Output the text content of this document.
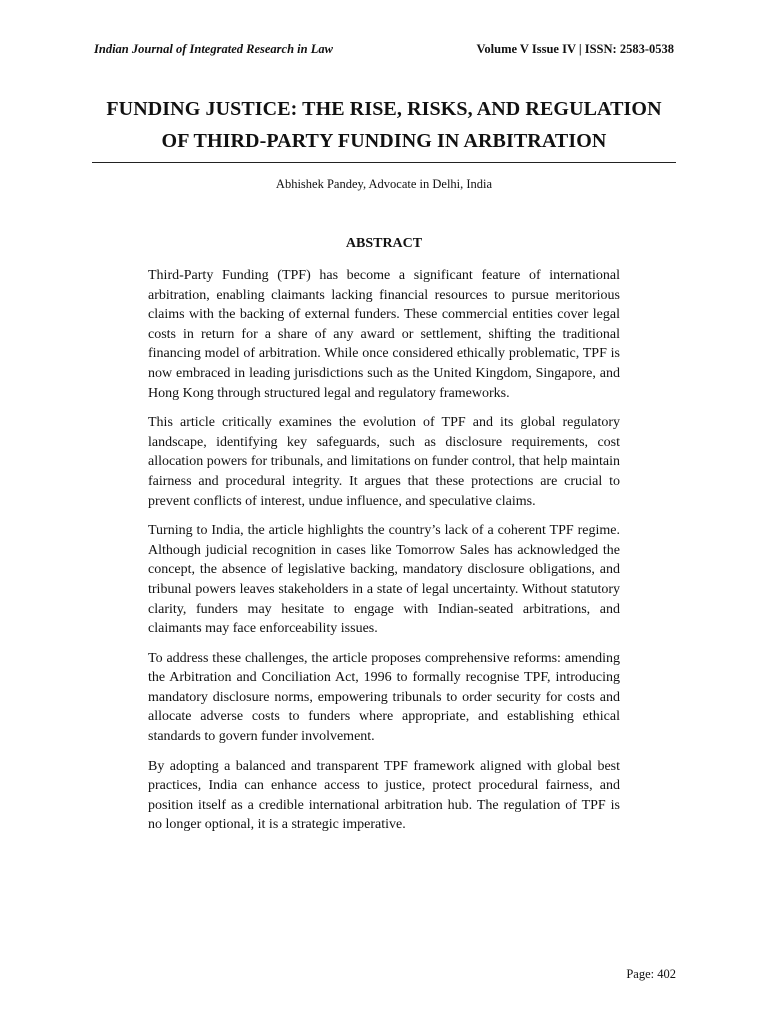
Indian Journal of Integrated Research in Law	Volume V Issue IV | ISSN: 2583-0538
FUNDING JUSTICE: THE RISE, RISKS, AND REGULATION
OF THIRD-PARTY FUNDING IN ARBITRATION
Abhishek Pandey, Advocate in Delhi, India
ABSTRACT

Third-Party Funding (TPF) has become a significant feature of international arbitration, enabling claimants lacking financial resources to pursue meritorious claims with the backing of external funders. These commercial entities cover legal costs in return for a share of any award or settlement, shifting the traditional financing model of arbitration. While once considered ethically problematic, TPF is now embraced in leading jurisdictions such as the United Kingdom, Singapore, and Hong Kong through structured legal and regulatory frameworks.

This article critically examines the evolution of TPF and its global regulatory landscape, identifying key safeguards, such as disclosure requirements, cost allocation powers for tribunals, and limitations on funder control, that help maintain fairness and procedural integrity. It argues that these protections are crucial to prevent conflicts of interest, undue influence, and speculative claims.

Turning to India, the article highlights the country’s lack of a coherent TPF regime. Although judicial recognition in cases like Tomorrow Sales has acknowledged the concept, the absence of legislative backing, mandatory disclosure obligations, and tribunal powers leaves stakeholders in a state of legal uncertainty. Without statutory clarity, funders may hesitate to engage with Indian-seated arbitrations, and claimants may face enforceability issues.

To address these challenges, the article proposes comprehensive reforms: amending the Arbitration and Conciliation Act, 1996 to formally recognise TPF, introducing mandatory disclosure norms, empowering tribunals to order security for costs and allocate adverse costs to funders where appropriate, and establishing ethical standards to govern funder involvement.

By adopting a balanced and transparent TPF framework aligned with global best practices, India can enhance access to justice, protect procedural fairness, and position itself as a credible international arbitration hub. The regulation of TPF is no longer optional, it is a strategic imperative.

Page: 402
